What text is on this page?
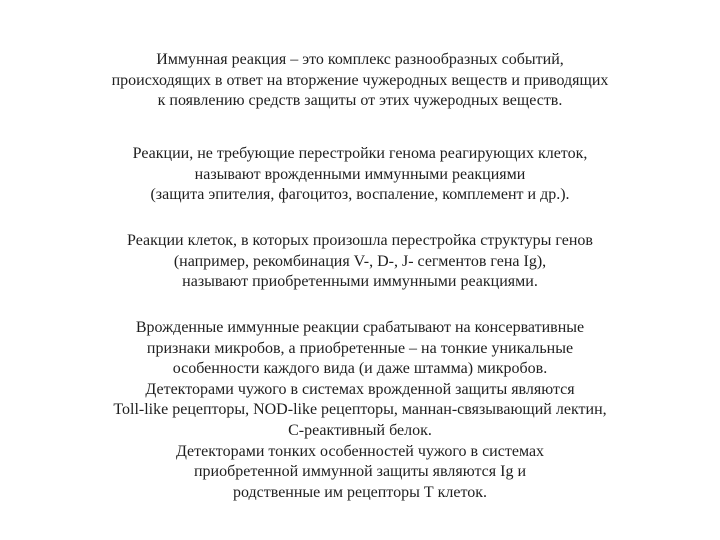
Иммунная реакция – это комплекс разнообразных событий,
происходящих в ответ на вторжение чужеродных веществ и приводящих
к появлению средств защиты от этих чужеродных веществ.

Реакции, не требующие перестройки генома реагирующих клеток,
называют врожденными иммунными реакциями
(защита эпителия, фагоцитоз, воспаление, комплемент и др.).

Реакции клеток, в которых произошла перестройка структуры генов
(например, рекомбинация V-, D-, J- сегментов гена Ig),
называют приобретенными иммунными реакциями.

Врожденные иммунные реакции срабатывают на консервативные
признаки микробов, а приобретенные – на тонкие уникальные
особенности каждого вида (и даже штамма) микробов.
Детекторами чужого в системах врожденной защиты являются
Toll-like рецепторы, NOD-like рецепторы, маннан-связывающий лектин,
С-реактивный белок.
Детекторами тонких особенностей чужого в системах
приобретенной иммунной защиты являются Ig и
родственные им рецепторы Т клеток.
